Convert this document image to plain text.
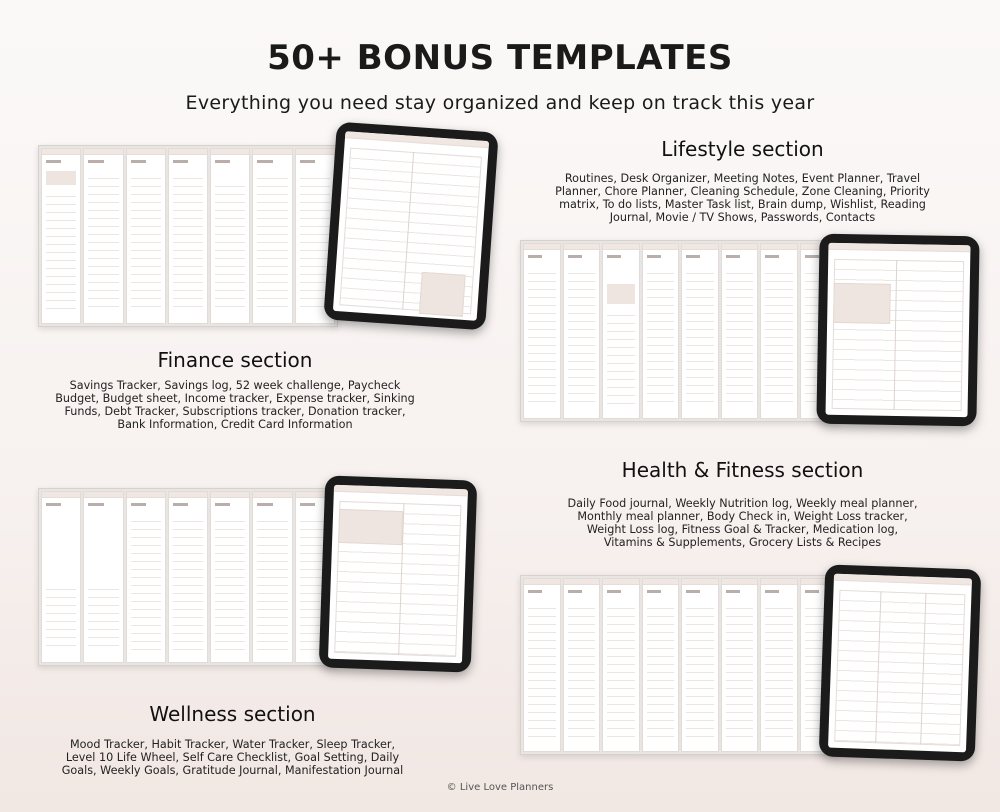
50+ BONUS TEMPLATES
Everything you need stay organized and keep on track this year
Finance section
Savings Tracker, Savings log, 52 week challenge, Paycheck
Budget, Budget sheet, Income tracker, Expense tracker, Sinking
Funds, Debt Tracker, Subscriptions tracker, Donation tracker,
Bank Information, Credit Card Information
Lifestyle section
Routines, Desk Organizer, Meeting Notes, Event Planner, Travel
Planner, Chore Planner, Cleaning Schedule, Zone Cleaning, Priority
matrix, To do lists, Master Task list, Brain dump, Wishlist, Reading
Journal, Movie / TV Shows, Passwords, Contacts
Health & Fitness section
Daily Food journal, Weekly Nutrition log, Weekly meal planner,
Monthly meal planner, Body Check in, Weight Loss tracker,
Weight Loss log, Fitness Goal & Tracker, Medication log,
Vitamins & Supplements, Grocery Lists & Recipes
Wellness section
Mood Tracker, Habit Tracker, Water Tracker, Sleep Tracker,
Level 10 Life Wheel, Self Care Checklist, Goal Setting, Daily
Goals, Weekly Goals, Gratitude Journal, Manifestation Journal
© Live Love Planners
